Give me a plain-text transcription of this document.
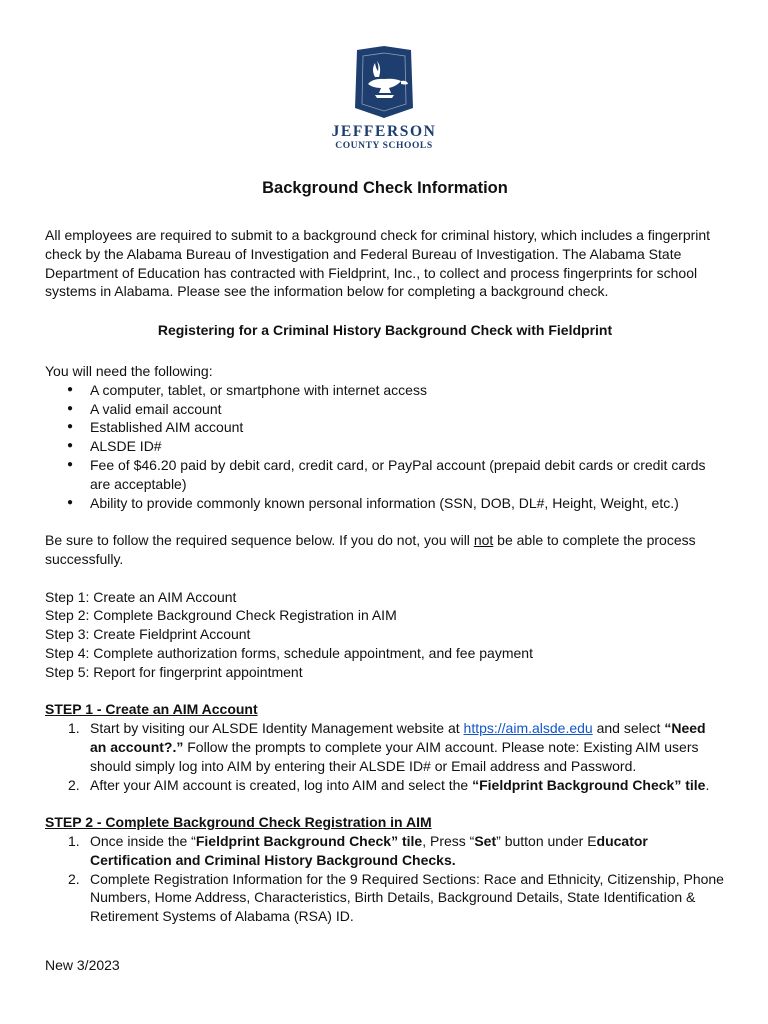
JEFFERSON
COUNTY SCHOOLS
Background Check Information

All employees are required to submit to a background check for criminal history, which includes a fingerprint check by the Alabama Bureau of Investigation and Federal Bureau of Investigation. The Alabama State Department of Education has contracted with Fieldprint, Inc., to collect and process fingerprints for school systems in Alabama. Please see the information below for completing a background check.

Registering for a Criminal History Background Check with Fieldprint

You will need the following:

● A computer, tablet, or smartphone with internet access
● A valid email account
● Established AIM account
● ALSDE ID#
● Fee of $46.20 paid by debit card, credit card, or PayPal account (prepaid debit cards or credit cards are acceptable)
● Ability to provide commonly known personal information (SSN, DOB, DL#, Height, Weight, etc.)

Be sure to follow the required sequence below. If you do not, you will not be able to complete the process successfully.

Step 1: Create an AIM Account

Step 2: Complete Background Check Registration in AIM

Step 3: Create Fieldprint Account

Step 4: Complete authorization forms, schedule appointment, and fee payment

Step 5: Report for fingerprint appointment

STEP 1 - Create an AIM Account

1. Start by visiting our ALSDE Identity Management website at https://aim.alsde.edu and select “Need an account?.” Follow the prompts to complete your AIM account. Please note: Existing AIM users should simply log into AIM by entering their ALSDE ID# or Email address and Password.
2. After your AIM account is created, log into AIM and select the “Fieldprint Background Check” tile.

STEP 2 - Complete Background Check Registration in AIM

1. Once inside the “Fieldprint Background Check” tile, Press “Set” button under Educator Certification and Criminal History Background Checks.
2. Complete Registration Information for the 9 Required Sections: Race and Ethnicity, Citizenship, Phone Numbers, Home Address, Characteristics, Birth Details, Background Details, State Identification & Retirement Systems of Alabama (RSA) ID.
New 3/2023
